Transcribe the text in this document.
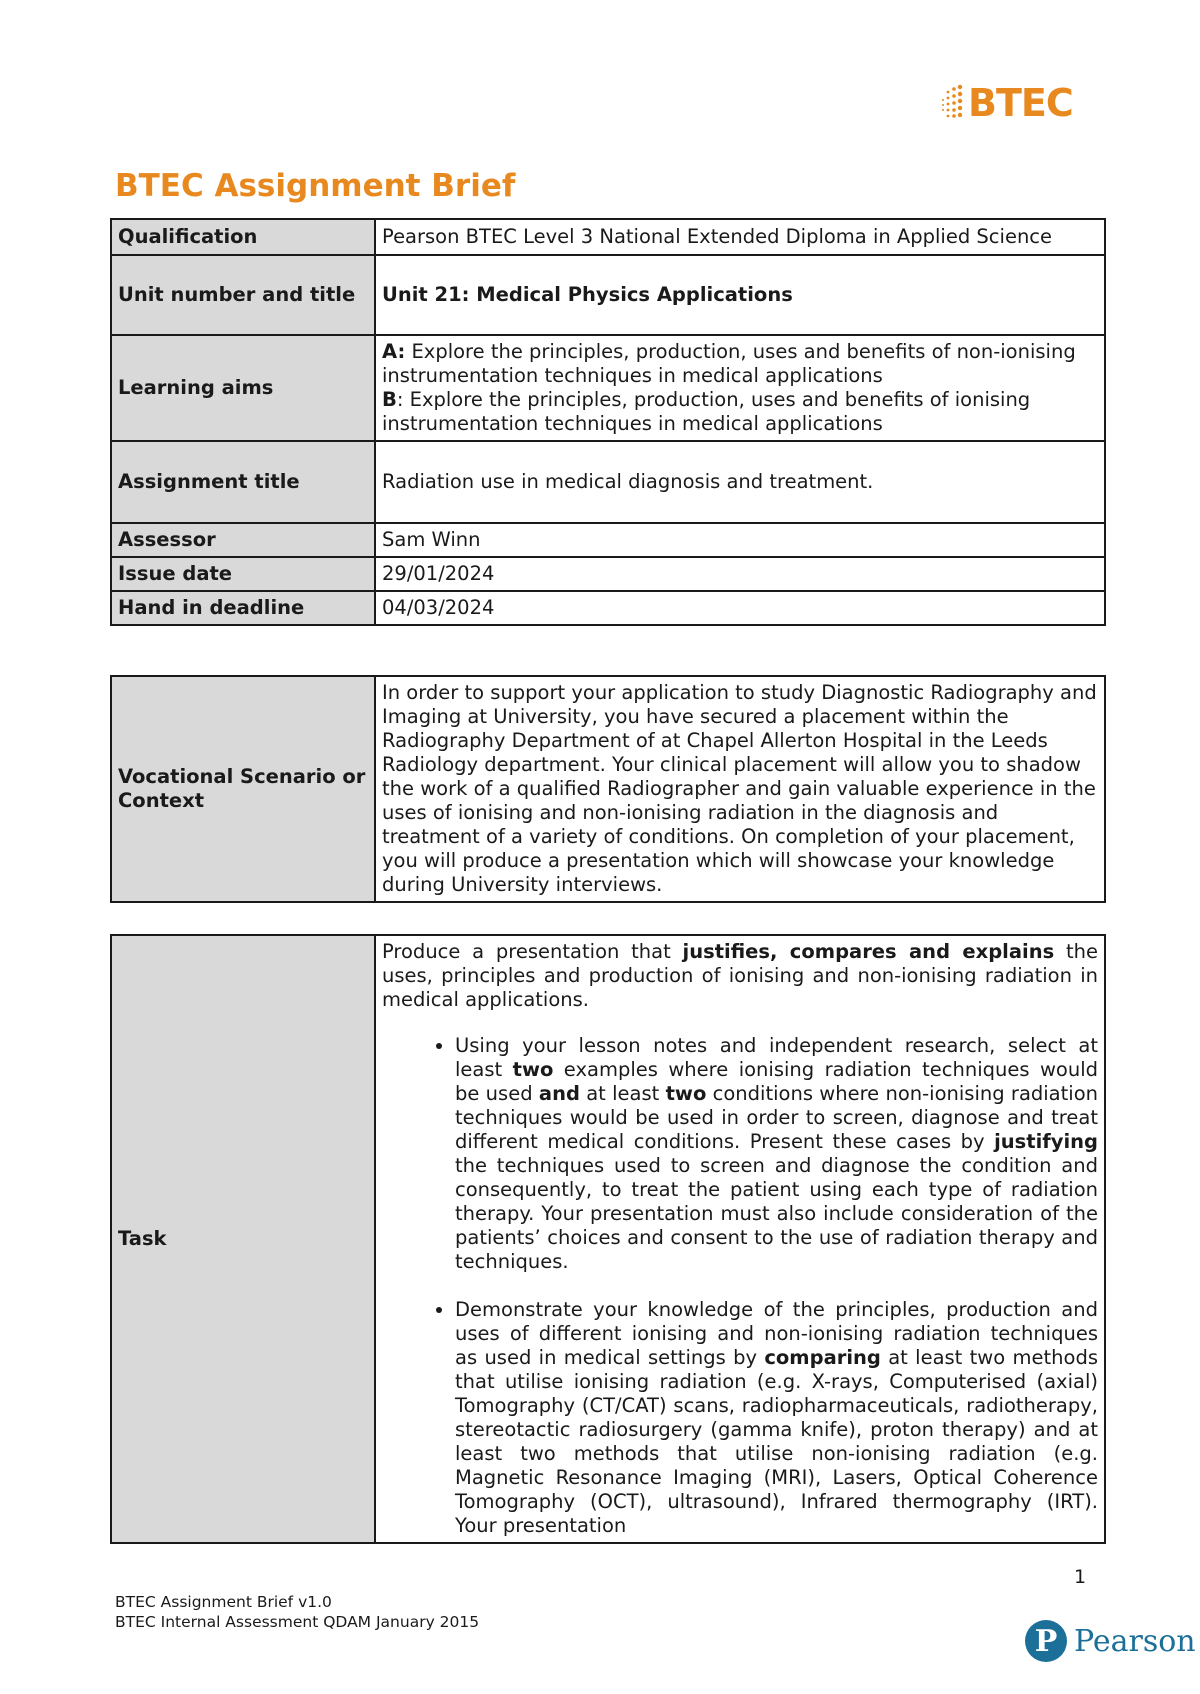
BTEC
BTEC Assignment Brief
Qualification	Pearson BTEC Level 3 National Extended Diploma in Applied Science
Unit number and title	Unit 21: Medical Physics Applications
Learning aims	A: Explore the principles, production, uses and benefits of non-ionising instrumentation techniques in medical applications
B: Explore the principles, production, uses and benefits of ionising instrumentation techniques in medical applications

Assignment title	Radiation use in medical diagnosis and treatment.
Assessor	Sam Winn
Issue date	29/01/2024
Hand in deadline	04/03/2024
Vocational Scenario or Context	In order to support your application to study Diagnostic Radiography and Imaging at University, you have secured a placement within the Radiography Department of at Chapel Allerton Hospital in the Leeds Radiology department. Your clinical placement will allow you to shadow the work of a qualified Radiographer and gain valuable experience in the uses of ionising and non-ionising radiation in the diagnosis and treatment of a variety of conditions. On completion of your placement, you will produce a presentation which will showcase your knowledge during University interviews.
Task	
Produce a presentation that justifies, compares and explains the uses, principles and production of ionising and non-ionising radiation in medical applications.
• Using your lesson notes and independent research, select at least two examples where ionising radiation techniques would be used and at least two conditions where non-ionising radiation techniques would be used in order to screen, diagnose and treat different medical conditions. Present these cases by justifying the techniques used to screen and diagnose the condition and consequently, to treat the patient using each type of radiation therapy. Your presentation must also include consideration of the patients’ choices and consent to the use of radiation therapy and techniques.
• Demonstrate your knowledge of the principles, production and uses of different ionising and non-ionising radiation techniques as used in medical settings by comparing at least two methods that utilise ionising radiation (e.g. X-rays, Computerised (axial) Tomography (CT/CAT) scans, radiopharmaceuticals, radiotherapy, stereotactic radiosurgery (gamma knife), proton therapy) and at least two methods that utilise non-ionising radiation (e.g. Magnetic Resonance Imaging (MRI), Lasers, Optical Coherence Tomography (OCT), ultrasound), Infrared thermography (IRT). Your presentation
1
BTEC Assignment Brief v1.0
BTEC Internal Assessment QDAM January 2015
P Pearson
